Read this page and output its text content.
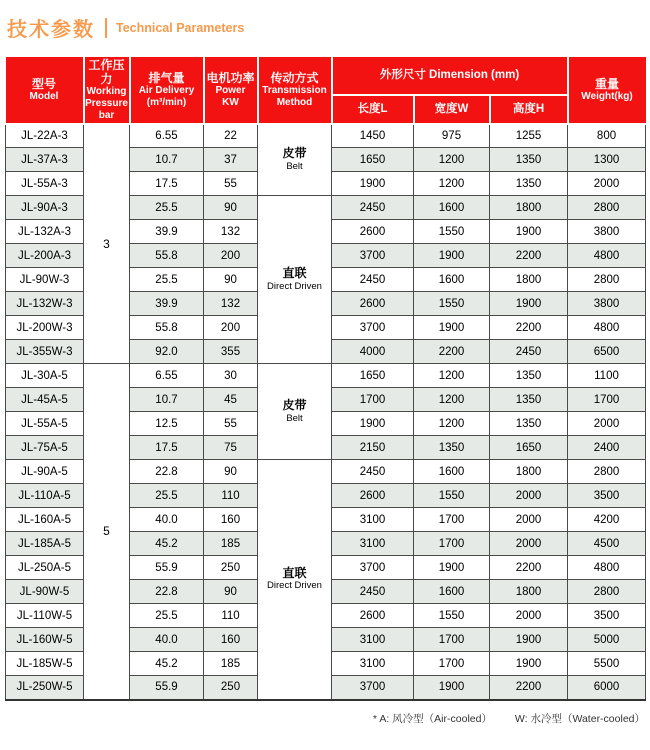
技术参数 Technical Parameters
型号
Model	工作压力
Working Pressure
bar	排气量
Air Delivery
(m³/min)	电机功率
Power
KW	传动方式
Transmission Method	外形尺寸 Dimension (mm)			重量
Weight(kg)

					长度L	宽度W	高度H	
JL-22A-3	3	6.55	22	皮带
Belt	1450	975	1255	800
JL-37A-3		10.7	37		1650	1200	1350	1300
JL-55A-3		17.5	55		1900	1200	1350	2000
JL-90A-3		25.5	90	直联
Direct Driven	2450	1600	1800	2800
JL-132A-3		39.9	132		2600	1550	1900	3800
JL-200A-3		55.8	200		3700	1900	2200	4800
JL-90W-3		25.5	90		2450	1600	1800	2800
JL-132W-3		39.9	132		2600	1550	1900	3800
JL-200W-3		55.8	200		3700	1900	2200	4800
JL-355W-3		92.0	355		4000	2200	2450	6500
JL-30A-5	5	6.55	30	皮带
Belt	1650	1200	1350	1100
JL-45A-5		10.7	45		1700	1200	1350	1700
JL-55A-5		12.5	55		1900	1200	1350	2000
JL-75A-5		17.5	75		2150	1350	1650	2400
JL-90A-5		22.8	90	直联
Direct Driven	2450	1600	1800	2800
JL-110A-5		25.5	110		2600	1550	2000	3500
JL-160A-5		40.0	160		3100	1700	2000	4200
JL-185A-5		45.2	185		3100	1700	2000	4500
JL-250A-5		55.9	250		3700	1900	2200	4800
JL-90W-5		22.8	90		2450	1600	1800	2800
JL-110W-5		25.5	110		2600	1550	2000	3500
JL-160W-5		40.0	160		3100	1700	1900	5000
JL-185W-5		45.2	185		3100	1700	1900	5500
JL-250W-5		55.9	250		3700	1900	2200	6000
* A: 风冷型（Air-cooled） W: 水冷型（Water-cooled）
